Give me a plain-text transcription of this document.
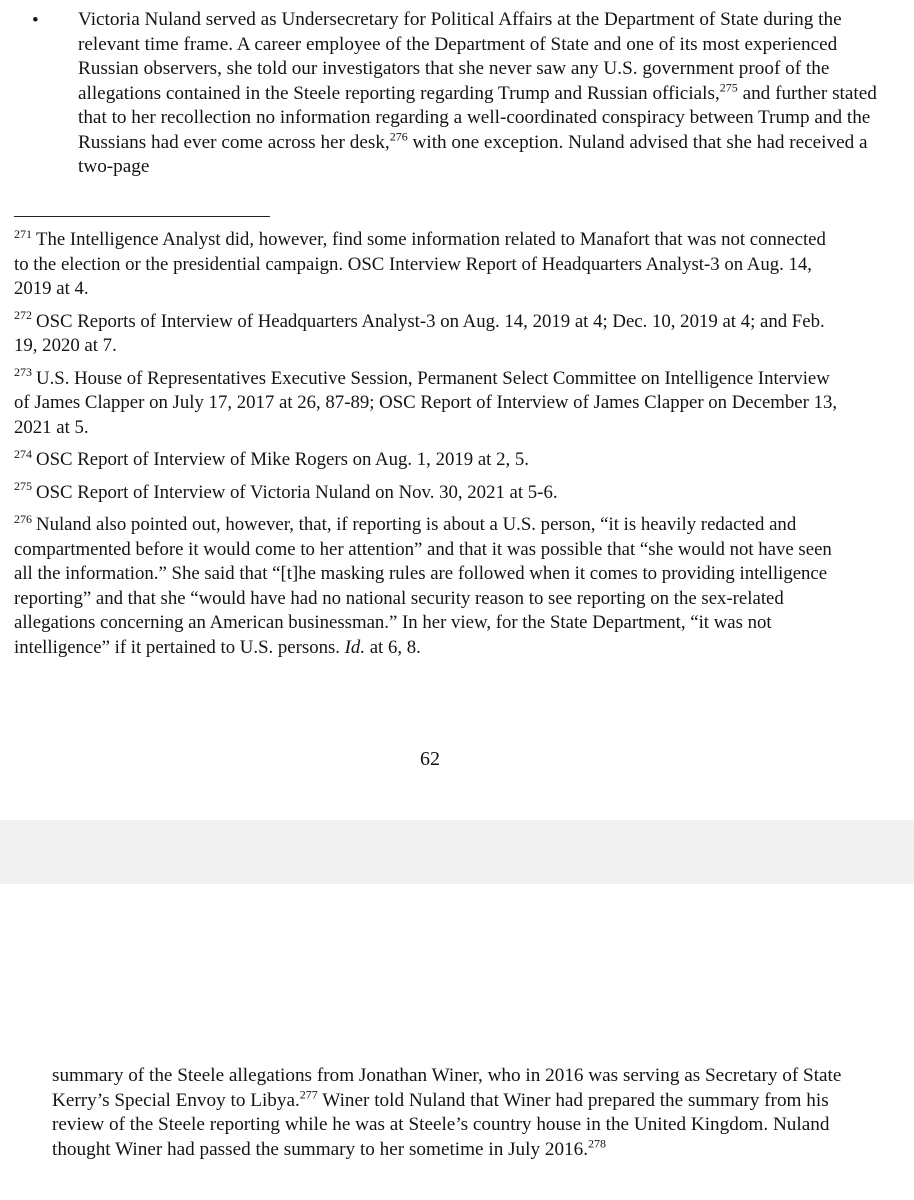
• Victoria Nuland served as Undersecretary for Political Affairs at the Department of State during the relevant time frame. A career employee of the Department of State and one of its most experienced Russian observers, she told our investigators that she never saw any U.S. government proof of the allegations contained in the Steele reporting regarding Trump and Russian officials,$^{275}$ and further stated that to her recollection no information regarding a well-coordinated conspiracy between Trump and the Russians had ever come across her desk,$^{276}$ with one exception. Nuland advised that she had received a two-page

$^{271}$ The Intelligence Analyst did, however, find some information related to Manafort that was not connected to the election or the presidential campaign. OSC Interview Report of Headquarters Analyst-3 on Aug. 14, 2019 at 4.

$^{272}$ OSC Reports of Interview of Headquarters Analyst-3 on Aug. 14, 2019 at 4; Dec. 10, 2019 at 4; and Feb. 19, 2020 at 7.

$^{273}$ U.S. House of Representatives Executive Session, Permanent Select Committee on Intelligence Interview of James Clapper on July 17, 2017 at 26, 87-89; OSC Report of Interview of James Clapper on December 13, 2021 at 5.

$^{274}$ OSC Report of Interview of Mike Rogers on Aug. 1, 2019 at 2, 5.

$^{275}$ OSC Report of Interview of Victoria Nuland on Nov. 30, 2021 at 5-6.

$^{276}$ Nuland also pointed out, however, that, if reporting is about a U.S. person, “it is heavily redacted and compartmented before it would come to her attention” and that it was possible that “she would not have seen all the information.” She said that “[t]he masking rules are followed when it comes to providing intelligence reporting” and that she “would have had no national security reason to see reporting on the sex-related allegations concerning an American businessman.” In her view, for the State Department, “it was not intelligence” if it pertained to U.S. persons. Id. at 6, 8.

62
summary of the Steele allegations from Jonathan Winer, who in 2016 was serving as Secretary of State Kerry’s Special Envoy to Libya.$^{277}$ Winer told Nuland that Winer had prepared the summary from his review of the Steele reporting while he was at Steele’s country house in the United Kingdom. Nuland thought Winer had passed the summary to her sometime in July 2016.$^{278}$
